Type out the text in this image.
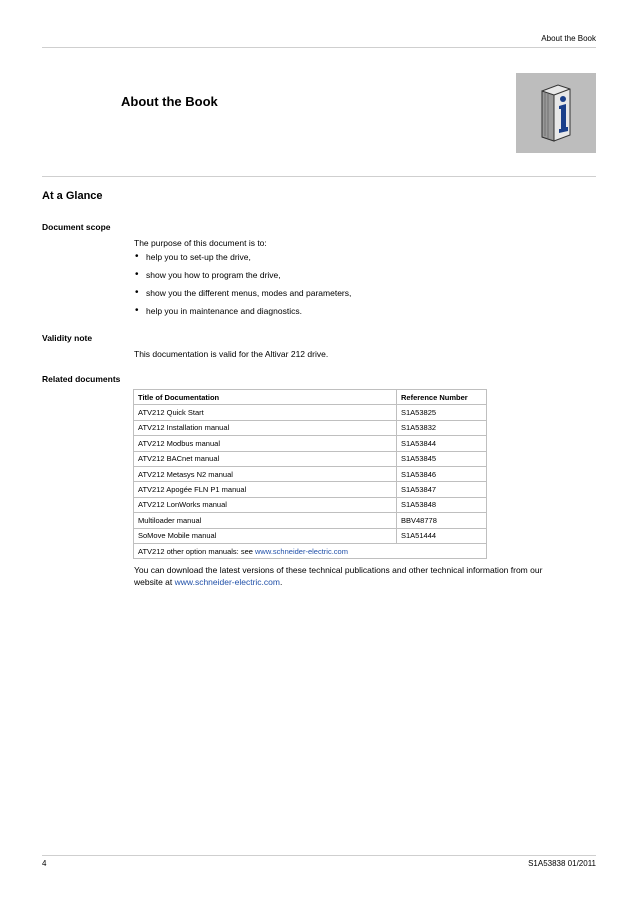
About the Book
About the Book
At a Glance
Document scope
The purpose of this document is to:
• help you to set-up the drive,
• show you how to program the drive,
• show you the different menus, modes and parameters,
• help you in maintenance and diagnostics.
Validity note
This documentation is valid for the Altivar 212 drive.
Related documents
Title of Documentation	Reference Number
ATV212 Quick Start	S1A53825
ATV212 Installation manual	S1A53832
ATV212 Modbus manual	S1A53844
ATV212 BACnet manual	S1A53845
ATV212 Metasys N2 manual	S1A53846
ATV212 Apogée FLN P1 manual	S1A53847
ATV212 LonWorks manual	S1A53848
Multiloader manual	BBV48778
SoMove Mobile manual	S1A51444
ATV212 other option manuals: see www.schneider-electric.com	
You can download the latest versions of these technical publications and other technical information from our
website at www.schneider-electric.com.
4	S1A53838 01/2011
